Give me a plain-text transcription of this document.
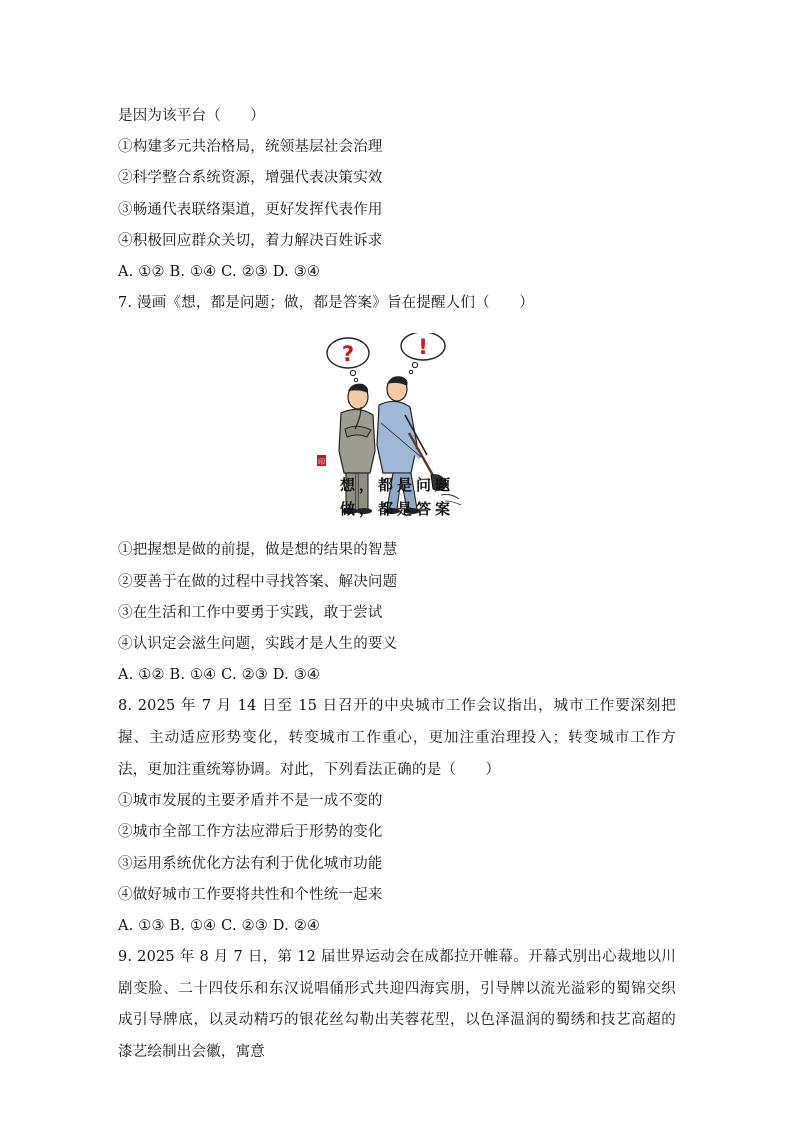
是因为该平台（　　）
①构建多元共治格局，统领基层社会治理
②科学整合系统资源，增强代表决策实效
③畅通代表联络渠道，更好发挥代表作用
④积极回应群众关切，着力解决百姓诉求
A. ①② B. ①④ C. ②③ D. ③④
7. 漫画《想，都是问题；做，都是答案》旨在提醒人们（　　）
?	!
印
想，都是问题
做，都是答案
①把握想是做的前提，做是想的结果的智慧
②要善于在做的过程中寻找答案、解决问题
③在生活和工作中要勇于实践，敢于尝试
④认识定会滋生问题，实践才是人生的要义
A. ①② B. ①④ C. ②③ D. ③④
8. 2025 年 7 月 14 日至 15 日召开的中央城市工作会议指出，城市工作要深刻把握、主动适应形势变化，转变城市工作重心，更加注重治理投入；转变城市工作方法，更加注重统筹协调。对此，下列看法正确的是（　　）
①城市发展的主要矛盾并不是一成不变的
②城市全部工作方法应滞后于形势的变化
③运用系统优化方法有利于优化城市功能
④做好城市工作要将共性和个性统一起来
A. ①③ B. ①④ C. ②③ D. ②④
9. 2025 年 8 月 7 日，第 12 届世界运动会在成都拉开帷幕。开幕式别出心裁地以川剧变脸、二十四伎乐和东汉说唱俑形式共迎四海宾朋，引导牌以流光溢彩的蜀锦交织成引导牌底，以灵动精巧的银花丝勾勒出芙蓉花型，以色泽温润的蜀绣和技艺高超的漆艺绘制出会徽，寓意
